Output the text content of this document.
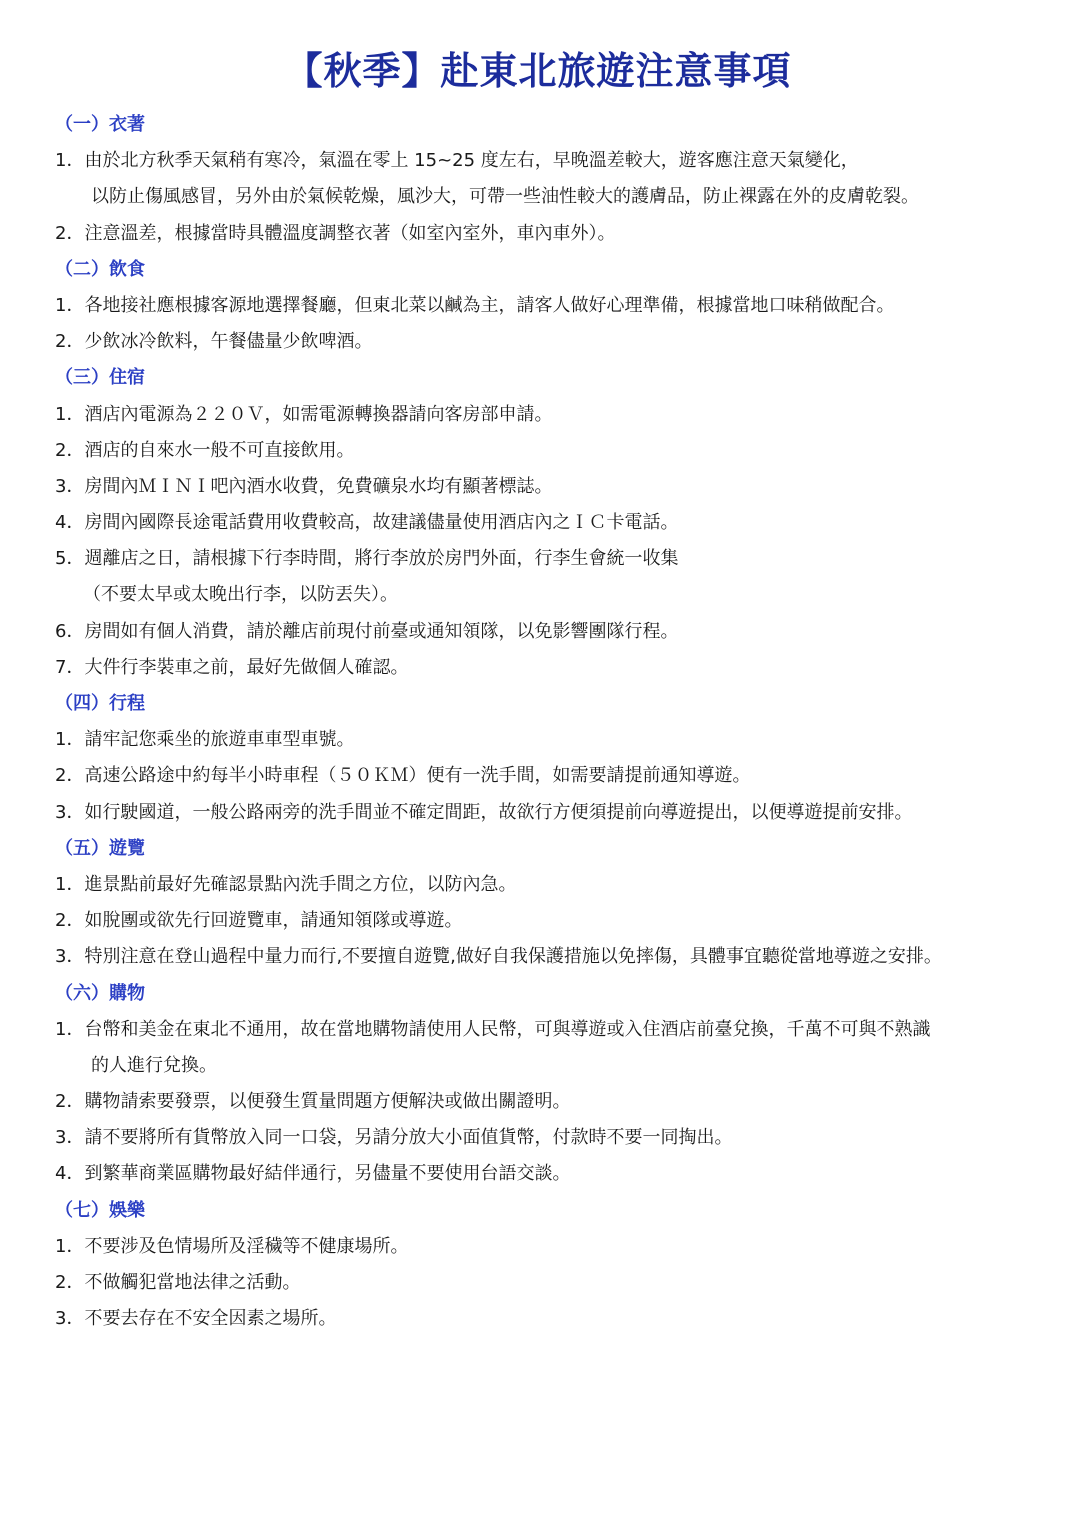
【秋季】赴東北旅遊注意事項
（一）衣著
1．由於北方秋季天氣稍有寒冷，氣溫在零上 15~25 度左右，早晚溫差較大，遊客應注意天氣變化，
以防止傷風感冒，另外由於氣候乾燥，風沙大，可帶一些油性較大的護膚品，防止裸露在外的皮膚乾裂。
2．注意溫差，根據當時具體溫度調整衣著（如室內室外，車內車外）。
（二）飲食
1．各地接社應根據客源地選擇餐廳，但東北菜以鹹為主，請客人做好心理準備，根據當地口味稍做配合。
2．少飲冰冷飲料，午餐儘量少飲啤酒。
（三）住宿
1．酒店內電源為２２０Ｖ，如需電源轉換器請向客房部申請。
2．酒店的自來水一般不可直接飲用。
3．房間內ＭＩＮＩ吧內酒水收費，免費礦泉水均有顯著標誌。
4．房間內國際長途電話費用收費較高，故建議儘量使用酒店內之ＩＣ卡電話。
5．週離店之日，請根據下行李時間，將行李放於房門外面，行李生會統一收集
（不要太早或太晚出行李，以防丟失）。
6．房間如有個人消費，請於離店前現付前臺或通知領隊，以免影響團隊行程。
7．大件行李裝車之前，最好先做個人確認。
（四）行程
1．請牢記您乘坐的旅遊車車型車號。
2．高速公路途中約每半小時車程（５０ＫＭ）便有一洗手間，如需要請提前通知導遊。
3．如行駛國道，一般公路兩旁的洗手間並不確定間距，故欲行方便須提前向導遊提出，以便導遊提前安排。
（五）遊覽
1．進景點前最好先確認景點內洗手間之方位，以防內急。
2．如脫團或欲先行回遊覽車，請通知領隊或導遊。
3．特別注意在登山過程中量力而行,不要擅自遊覽,做好自我保護措施以免摔傷，具體事宜聽從當地導遊之安排。
（六）購物
1．台幣和美金在東北不通用，故在當地購物請使用人民幣，可與導遊或入住酒店前臺兌換，千萬不可與不熟識
的人進行兌換。
2．購物請索要發票，以便發生質量問題方便解決或做出關證明。
3．請不要將所有貨幣放入同一口袋，另請分放大小面值貨幣，付款時不要一同掏出。
4．到繁華商業區購物最好結伴通行，另儘量不要使用台語交談。
（七）娛樂
1．不要涉及色情場所及淫穢等不健康場所。
2．不做觸犯當地法律之活動。
3．不要去存在不安全因素之場所。
